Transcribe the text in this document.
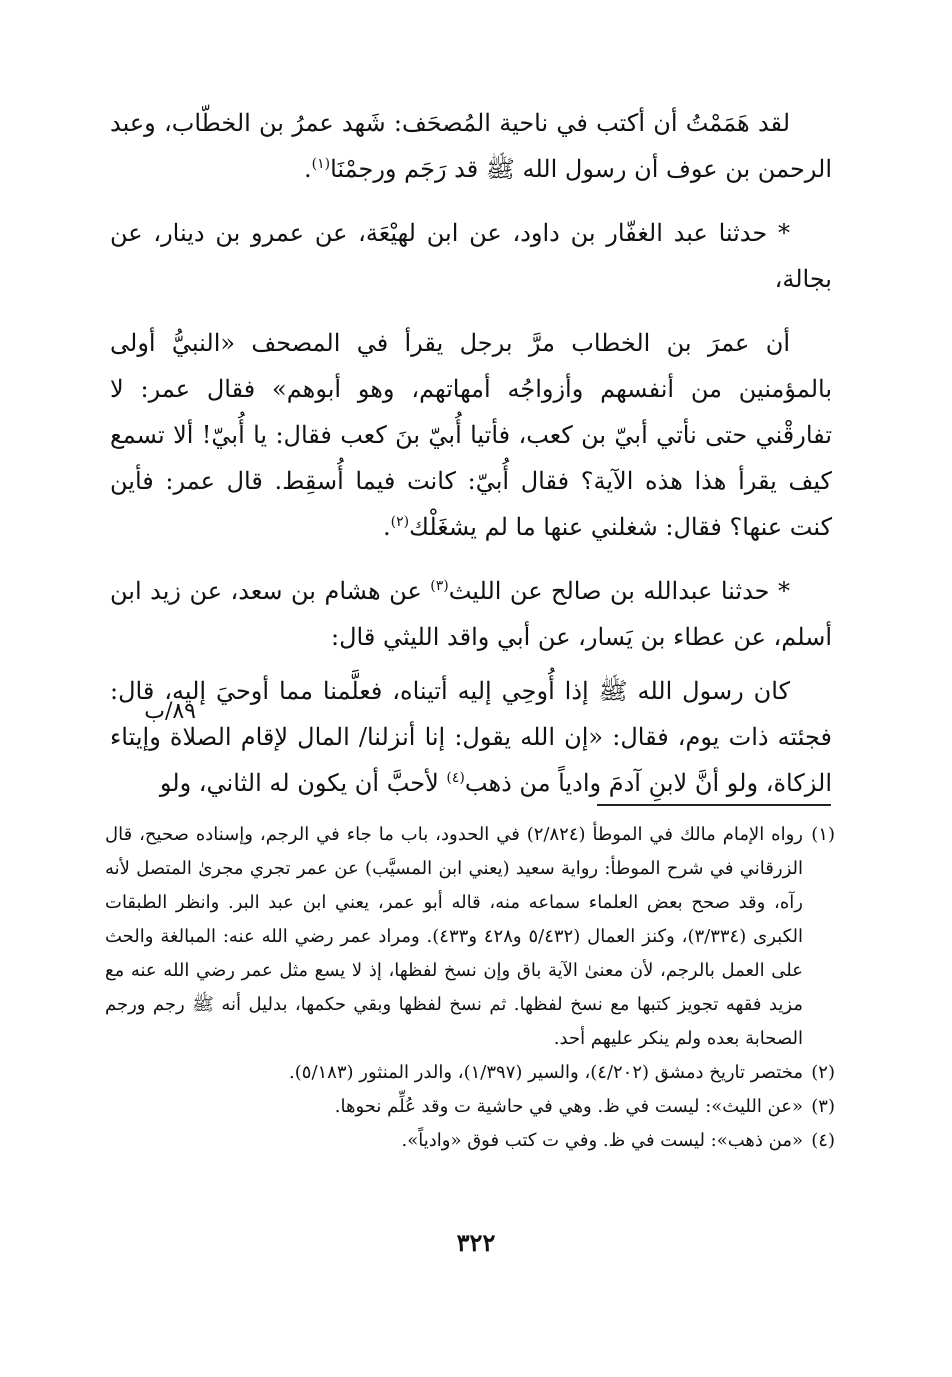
لقد هَمَمْتُ أن أكتب في ناحية المُصحَف: شَهد عمرُ بن الخطّاب، وعبد الرحمن بن عوف أن رسول الله ﷺ قد رَجَم ورجمْنَا$^{(١)}$.

* حدثنا عبد الغفّار بن داود، عن ابن لهيْعَة، عن عمرو بن دينار، عن بجالة،

أن عمرَ بن الخطاب مرَّ برجل يقرأ في المصحف «النبيُّ أولى بالمؤمنين من أنفسهم وأزواجُه أمهاتهم، وهو أبوهم» فقال عمر: لا تفارقْني حتى نأتي أبيّ بن كعب، فأتيا أُبيّ بنَ كعب فقال: يا أُبيّ! ألا تسمع كيف يقرأ هذا هذه الآية؟ فقال أُبيّ: كانت فيما أُسقِط. قال عمر: فأين كنت عنها؟ فقال: شغلني عنها ما لم يشغَلْك$^{(٢)}$.

* حدثنا عبدالله بن صالح عن الليث$^{(٣)}$ عن هشام بن سعد، عن زيد ابن أسلم، عن عطاء بن يَسار، عن أبي واقد الليثي قال:

كان رسول الله ﷺ إذا أُوحِي إليه أتيناه، فعلَّمنا مما أوحيَ إليه، قال: فجئته ذات يوم، فقال: «إن الله يقول: إنا أنزلنا/ المال لإقام الصلاة وإيتاء الزكاة، ولو أنَّ لابنِ آدمَ وادياً من ذهب$^{(٤)}$ لأحبَّ أن يكون له الثاني، ولو

٨٩/ب

(١)
رواه الإمام مالك في الموطأ (٢/٨٢٤) في الحدود، باب ما جاء في الرجم، وإسناده صحيح، قال الزرقاني في شرح الموطأ: رواية سعيد (يعني ابن المسيَّب) عن عمر تجري مجرىٰ المتصل لأنه رآه، وقد صحح بعض العلماء سماعه منه، قاله أبو عمر، يعني ابن عبد البر. وانظر الطبقات الكبرى (٣/٣٣٤)، وكنز العمال (٥/٤٣٢ و٤٢٨ و٤٣٣). ومراد عمر رضي الله عنه: المبالغة والحث على العمل بالرجم، لأن معنىٰ الآية باق وإن نسخ لفظها، إذ لا يسع مثل عمر رضي الله عنه مع مزيد فقهه تجويز كتبها مع نسخ لفظها. ثم نسخ لفظها وبقي حكمها، بدليل أنه ﷺ رجم ورجم الصحابة بعده ولم ينكر عليهم أحد.

(٢)
مختصر تاريخ دمشق (٤/٢٠٢)، والسير (١/٣٩٧)، والدر المنثور (٥/١٨٣).

(٣)
«عن الليث»: ليست في ظ. وهي في حاشية ت وقد عُلِّم نحوها.

(٤)
«من ذهب»: ليست في ظ. وفي ت كتب فوق «وادياً».

٣٢٢
